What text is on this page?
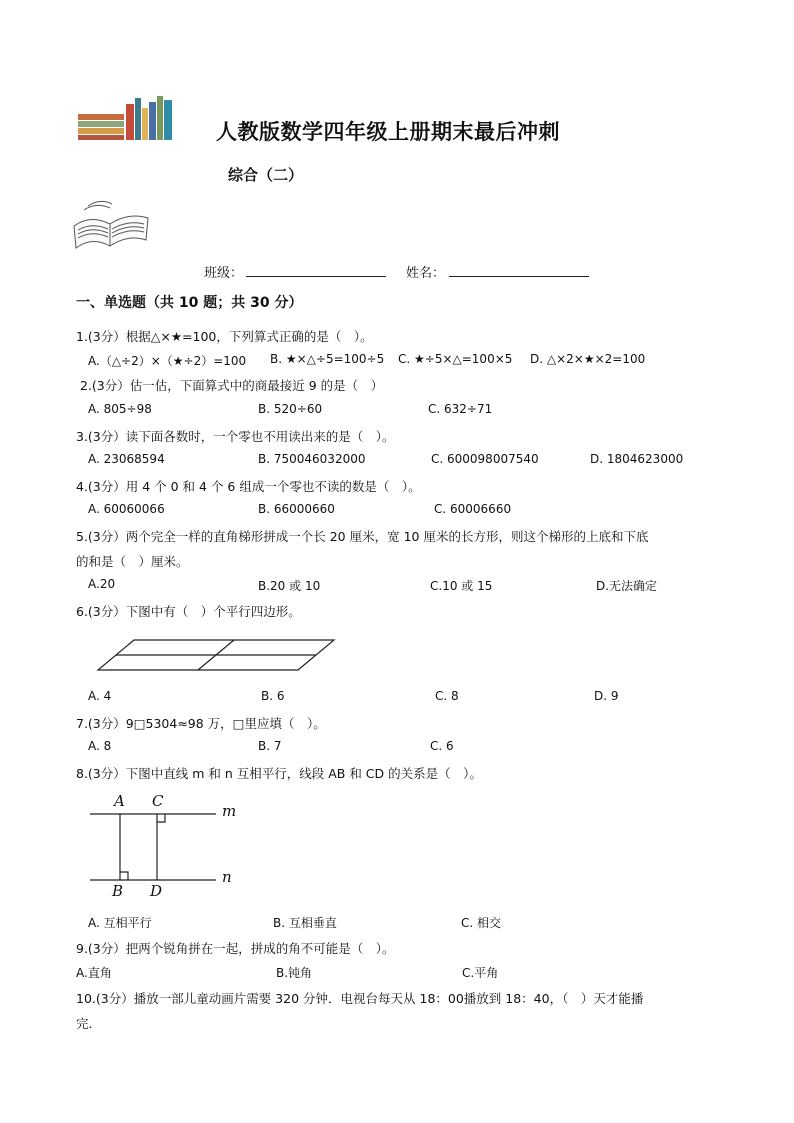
人教版数学四年级上册期末最后冲刺
综合（二）
班级：	姓名：
一、单选题（共 10 题；共 30 分）
1.(3分）根据△×★=100，下列算式正确的是（　）。
A.（△÷2）×（★÷2）=100 B. ★×△÷5=100÷5 C. ★÷5×△=100×5 D. △×2×★×2=100
2.(3分）估一估，下面算式中的商最接近 9 的是（　）
A. 805÷98	B. 520÷60	C. 632÷71
3.(3分）读下面各数时，一个零也不用读出来的是（　）。
A. 23068594	B. 750046032000	C. 600098007540	D. 1804623000
4.(3分）用 4 个 0 和 4 个 6 组成一个零也不读的数是（　）。
A. 60060066	B. 66000660	C. 60006660
5.(3分）两个完全一样的直角梯形拼成一个长 20 厘米，宽 10 厘米的长方形，则这个梯形的上底和下底
的和是（　）厘米。
A.20	B.20 或 10	C.10 或 15	D.无法确定
6.(3分）下图中有（　）个平行四边形。
A. 4	B. 6	C. 8	D. 9
7.(3分）9□5304≈98 万，□里应填（　）。
A. 8	B. 7	C. 6
8.(3分）下图中直线 m 和 n 互相平行，线段 AB 和 CD 的关系是（　）。
A C
m
B D
n
A. 互相平行	B. 互相垂直	C. 相交
9.(3分）把两个锐角拼在一起，拼成的角不可能是（　）。
A.直角	B.钝角	C.平角
10.(3分）播放一部儿童动画片需要 320 分钟．电视台每天从 18：00播放到 18：40，（　）天才能播
完．
